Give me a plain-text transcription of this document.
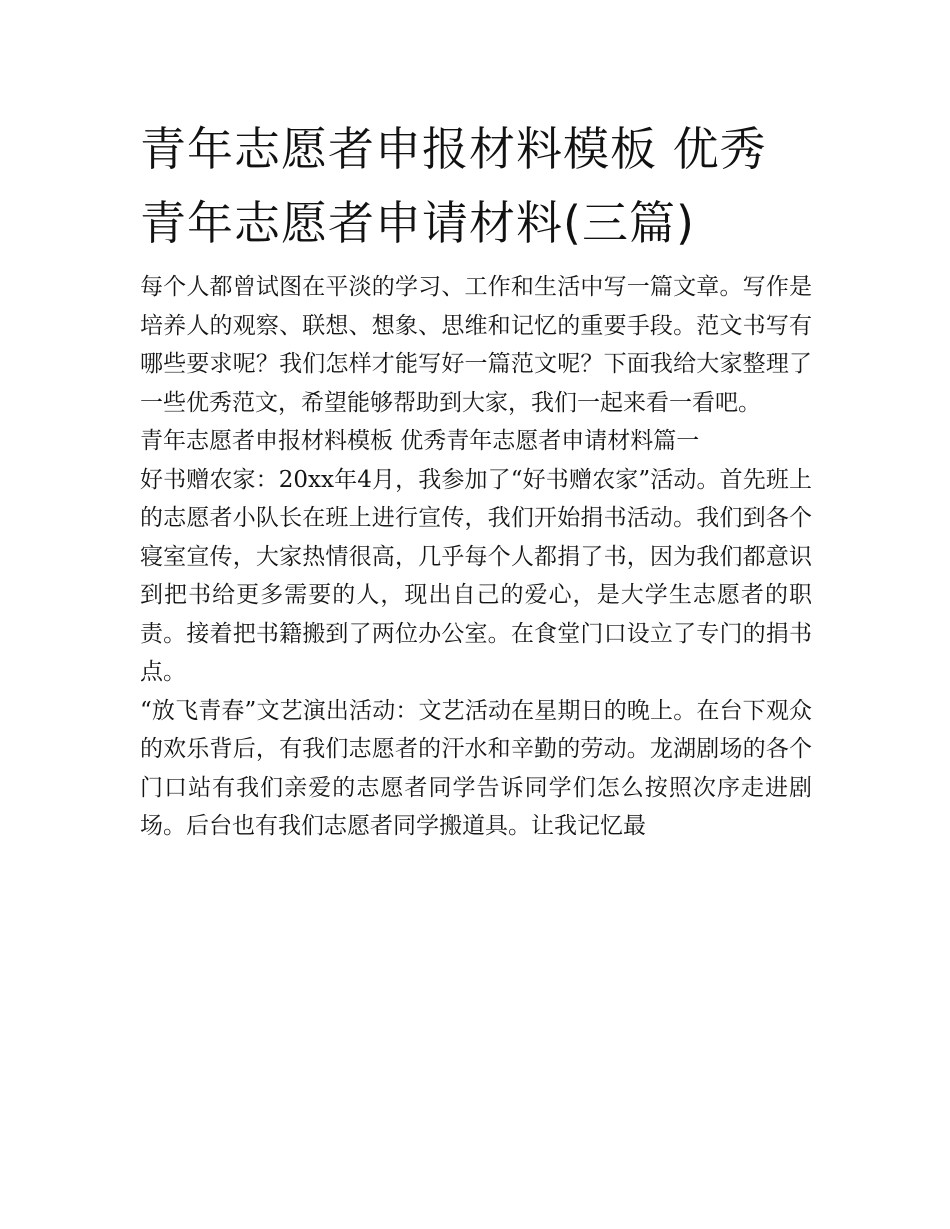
青年志愿者申报材料模板 优秀
青年志愿者申请材料(三篇)

每个人都曾试图在平淡的学习、工作和生活中写一篇文章。写作是培养人的观察、联想、想象、思维和记忆的重要手段。范文书写有哪些要求呢？我们怎样才能写好一篇范文呢？下面我给大家整理了一些优秀范文，希望能够帮助到大家，我们一起来看一看吧。

青年志愿者申报材料模板 优秀青年志愿者申请材料篇一

好书赠农家：20xx年4月，我参加了“好书赠农家”活动。首先班上的志愿者小队长在班上进行宣传，我们开始捐书活动。我们到各个寝室宣传，大家热情很高，几乎每个人都捐了书，因为我们都意识到把书给更多需要的人，现出自己的爱心，是大学生志愿者的职责。接着把书籍搬到了两位办公室。在食堂门口设立了专门的捐书点。

“放飞青春”文艺演出活动：文艺活动在星期日的晚上。在台下观众的欢乐背后，有我们志愿者的汗水和辛勤的劳动。龙湖剧场的各个门口站有我们亲爱的志愿者同学告诉同学们怎么按照次序走进剧场。后台也有我们志愿者同学搬道具。让我记忆最
